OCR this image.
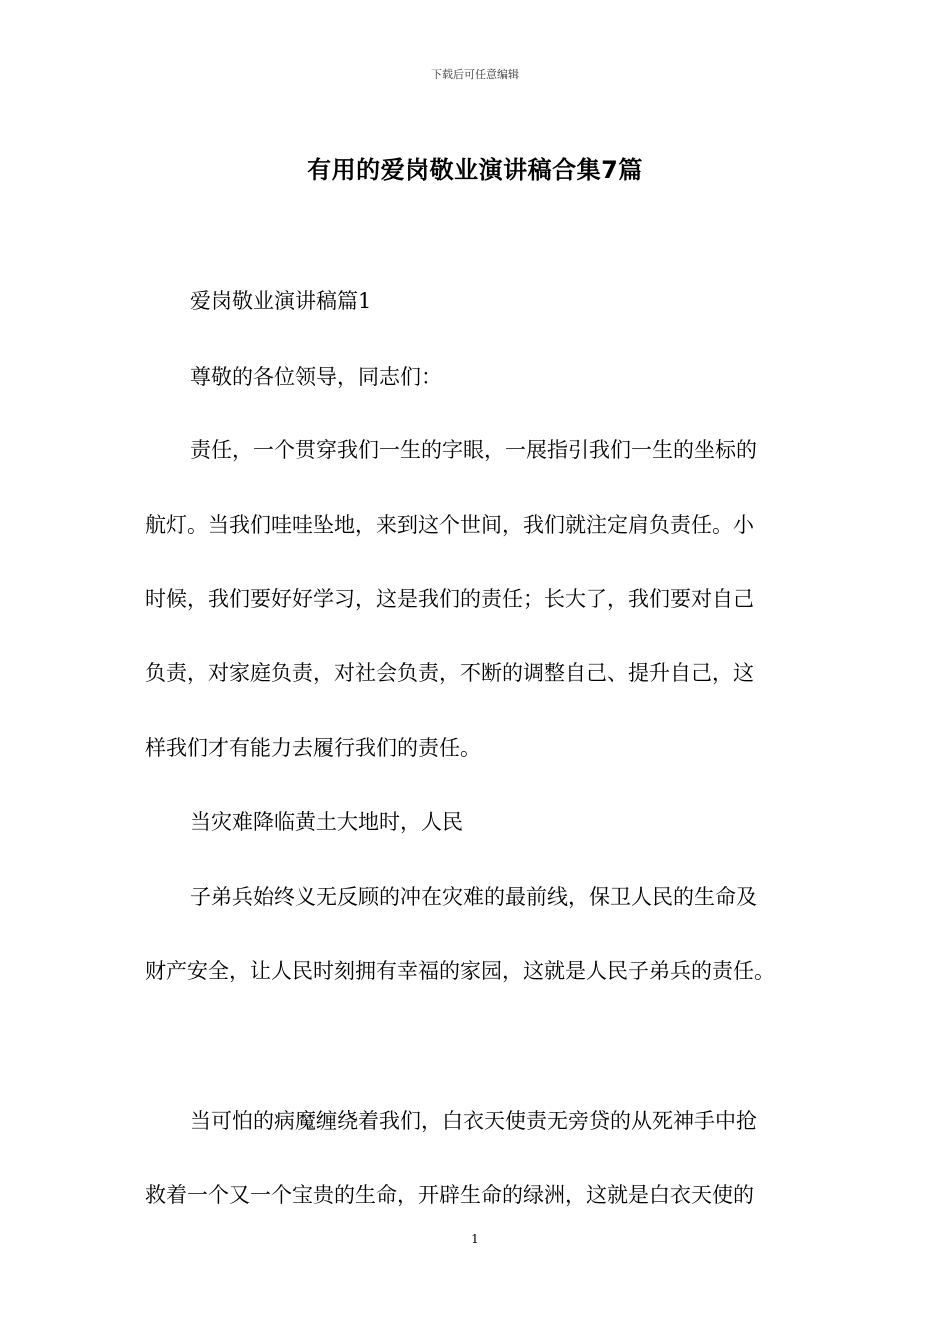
下载后可任意编辑
有用的爱岗敬业演讲稿合集7篇
爱岗敬业演讲稿篇1
尊敬的各位领导，同志们：
责任，一个贯穿我们一生的字眼，一展指引我们一生的坐标的
航灯。当我们哇哇坠地，来到这个世间，我们就注定肩负责任。小
时候，我们要好好学习，这是我们的责任；长大了，我们要对自己
负责，对家庭负责，对社会负责，不断的调整自己、提升自己，这
样我们才有能力去履行我们的责任。
当灾难降临黄土大地时，人民
子弟兵始终义无反顾的冲在灾难的最前线，保卫人民的生命及
财产安全，让人民时刻拥有幸福的家园，这就是人民子弟兵的责任。
当可怕的病魔缠绕着我们，白衣天使责无旁贷的从死神手中抢
救着一个又一个宝贵的生命，开辟生命的绿洲，这就是白衣天使的
1
